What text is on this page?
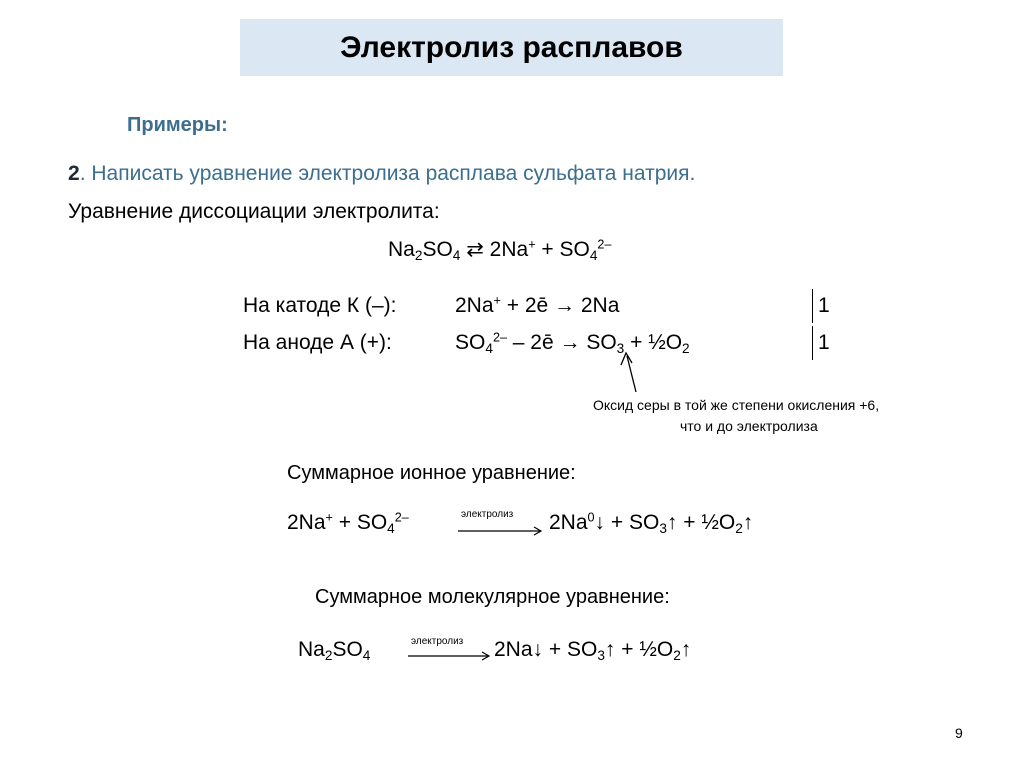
Электролиз расплавов
Примеры:
2. Написать уравнение электролиза расплава сульфата натрия.
Уравнение диссоциации электролита:
$Na_2SO_4$ ⇄ $2Na^+ + SO_4^{2-}$
На катоде К (–):	2Na+ + 2ē → 2Na	1
На аноде А (+):	$SO_4^{2-}$ – 2ē → $SO_3$ + $\frac{1}{2}O_2$	1
Оксид серы в той же степени окисления +6,
что и до электролиза
Суммарное ионное уравнение:
$2Na^+ + SO_4^{2-}$	электролиз $2Na^0↓$ + $SO_3↑$ + $\frac{1}{2}O_2↑$
Суммарное молекулярное уравнение:
$Na_2SO_4$
электролиз 2Na↓ + $SO_3↑$ + $\frac{1}{2}O_2↑$
9
